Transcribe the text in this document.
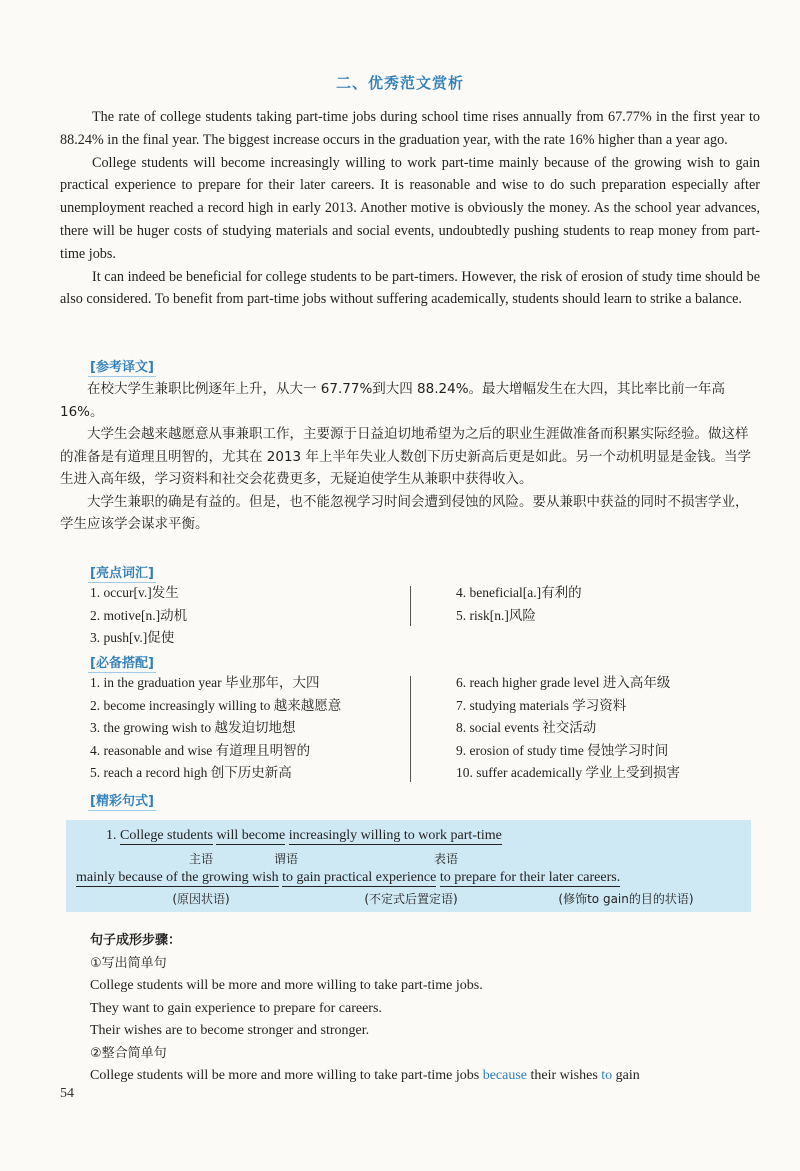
二、优秀范文赏析

The rate of college students taking part-time jobs during school time rises annually from 67.77% in the first year to 88.24% in the final year. The biggest increase occurs in the graduation year, with the rate 16% higher than a year ago.

College students will become increasingly willing to work part-time mainly because of the growing wish to gain practical experience to prepare for their later careers. It is reasonable and wise to do such preparation especially after unemployment reached a record high in early 2013. Another motive is obviously the money. As the school year advances, there will be huger costs of studying materials and social events, undoubtedly pushing students to reap money from part-time jobs.

It can indeed be beneficial for college students to be part-timers. However, the risk of erosion of study time should be also considered. To benefit from part-time jobs without suffering academically, students should learn to strike a balance.

[参考译文]

在校大学生兼职比例逐年上升，从大一 67.77%到大四 88.24%。最大增幅发生在大四，其比率比前一年高 16%。

大学生会越来越愿意从事兼职工作，主要源于日益迫切地希望为之后的职业生涯做准备而积累实际经验。做这样的准备是有道理且明智的，尤其在 2013 年上半年失业人数创下历史新高后更是如此。另一个动机明显是金钱。当学生进入高年级，学习资料和社交会花费更多，无疑迫使学生从兼职中获得收入。

大学生兼职的确是有益的。但是，也不能忽视学习时间会遭到侵蚀的风险。要从兼职中获益的同时不损害学业，学生应该学会谋求平衡。

[亮点词汇]
1. occur[v.]发生
2. motive[n.]动机
3. push[v.]促使
4. beneficial[a.]有利的
5. risk[n.]风险
[必备搭配]
1. in the graduation year 毕业那年，大四
2. become increasingly willing to 越来越愿意
3. the growing wish to 越发迫切地想
4. reasonable and wise 有道理且明智的
5. reach a record high 创下历史新高
6. reach higher grade level 进入高年级
7. studying materials 学习资料
8. social events 社交活动
9. erosion of study time 侵蚀学习时间
10. suffer academically 学业上受到损害
[精彩句式]
1. College students will become increasingly willing to work part-time
主语	谓语	表语
mainly because of the growing wish to gain practical experience to prepare for their later careers.
(原因状语)	(不定式后置定语)	(修饰to gain的目的状语)
句子成形步骤：
①写出简单句
College students will be more and more willing to take part-time jobs.
They want to gain experience to prepare for careers.
Their wishes are to become stronger and stronger.
②整合简单句
College students will be more and more willing to take part-time jobs because their wishes to gain
54
